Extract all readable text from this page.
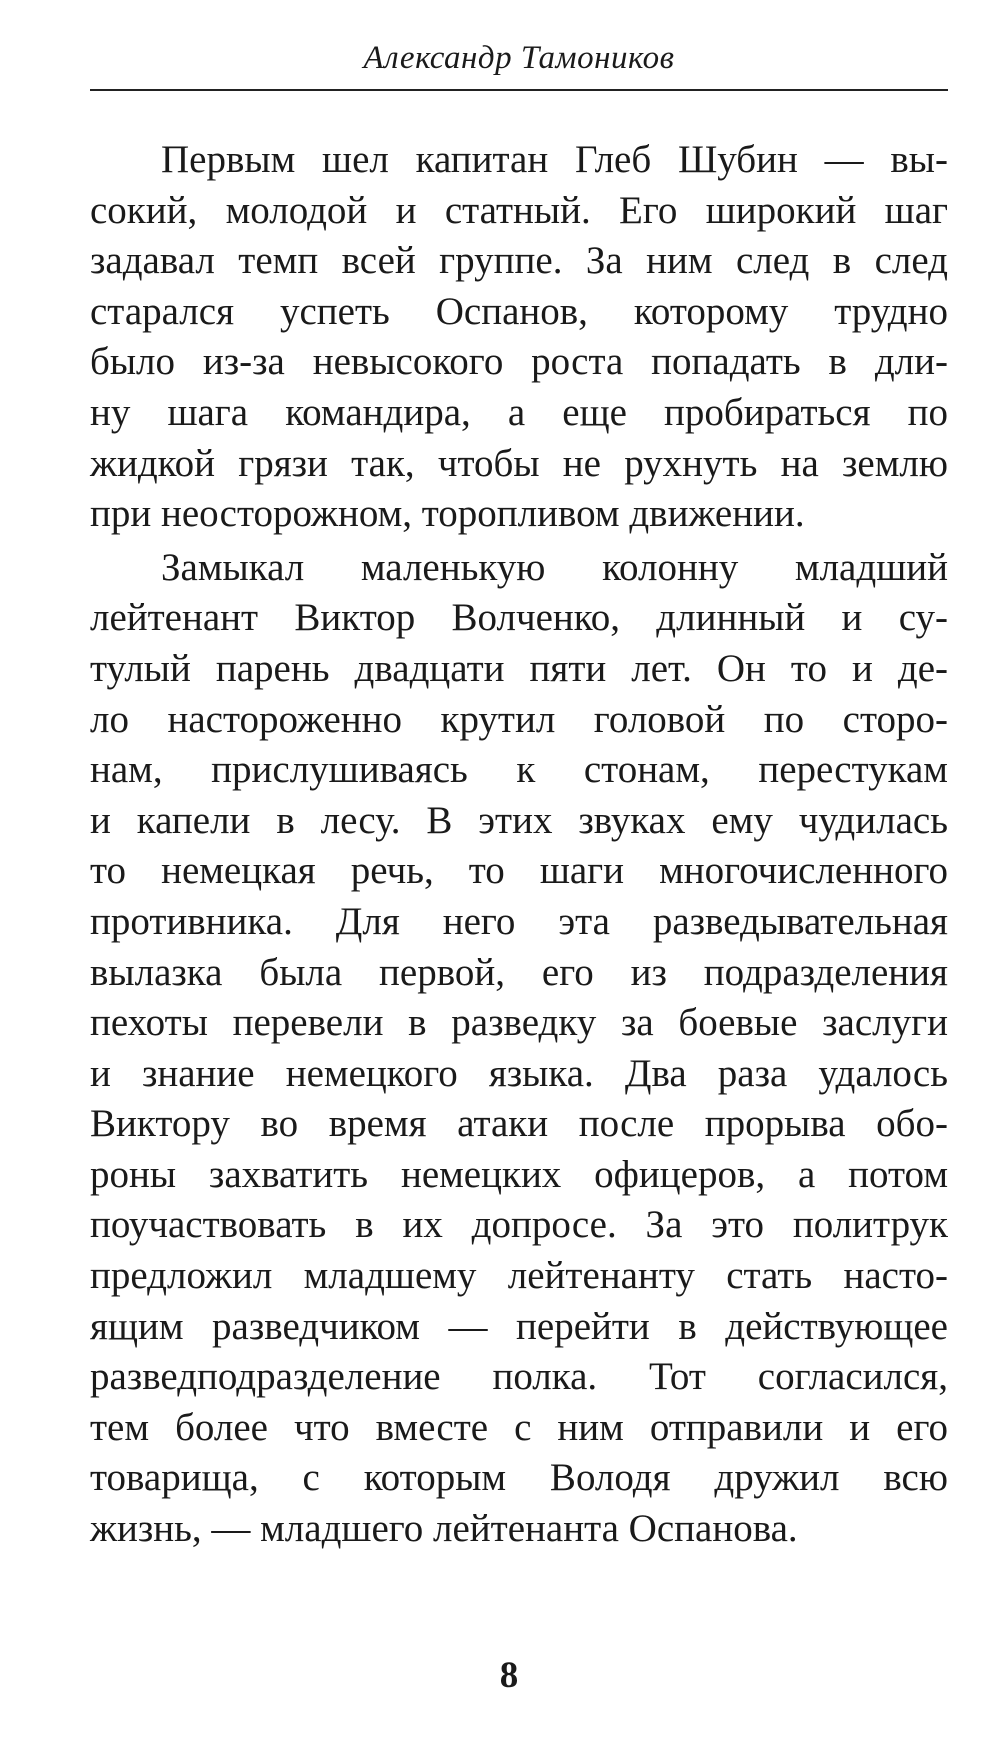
Александр Тамоников
Первым шел капитан Глеб Шубин — вы-
сокий, молодой и статный. Его широкий шаг
задавал темп всей группе. За ним след в след
старался успеть Оспанов, которому трудно
было из-за невысокого роста попадать в дли-
ну шага командира, а еще пробираться по
жидкой грязи так, чтобы не рухнуть на землю
при неосторожном, торопливом движении.
Замыкал маленькую колонну младший
лейтенант Виктор Волченко, длинный и су-
тулый парень двадцати пяти лет. Он то и де-
ло настороженно крутил головой по сторо-
нам, прислушиваясь к стонам, перестукам
и капели в лесу. В этих звуках ему чудилась
то немецкая речь, то шаги многочисленного
противника. Для него эта разведывательная
вылазка была первой, его из подразделения
пехоты перевели в разведку за боевые заслуги
и знание немецкого языка. Два раза удалось
Виктору во время атаки после прорыва обо-
роны захватить немецких офицеров, а потом
поучаствовать в их допросе. За это политрук
предложил младшему лейтенанту стать насто-
ящим разведчиком — перейти в действующее
разведподразделение полка. Тот согласился,
тем более что вместе с ним отправили и его
товарища, с которым Володя дружил всю
жизнь, — младшего лейтенанта Оспанова.
8
